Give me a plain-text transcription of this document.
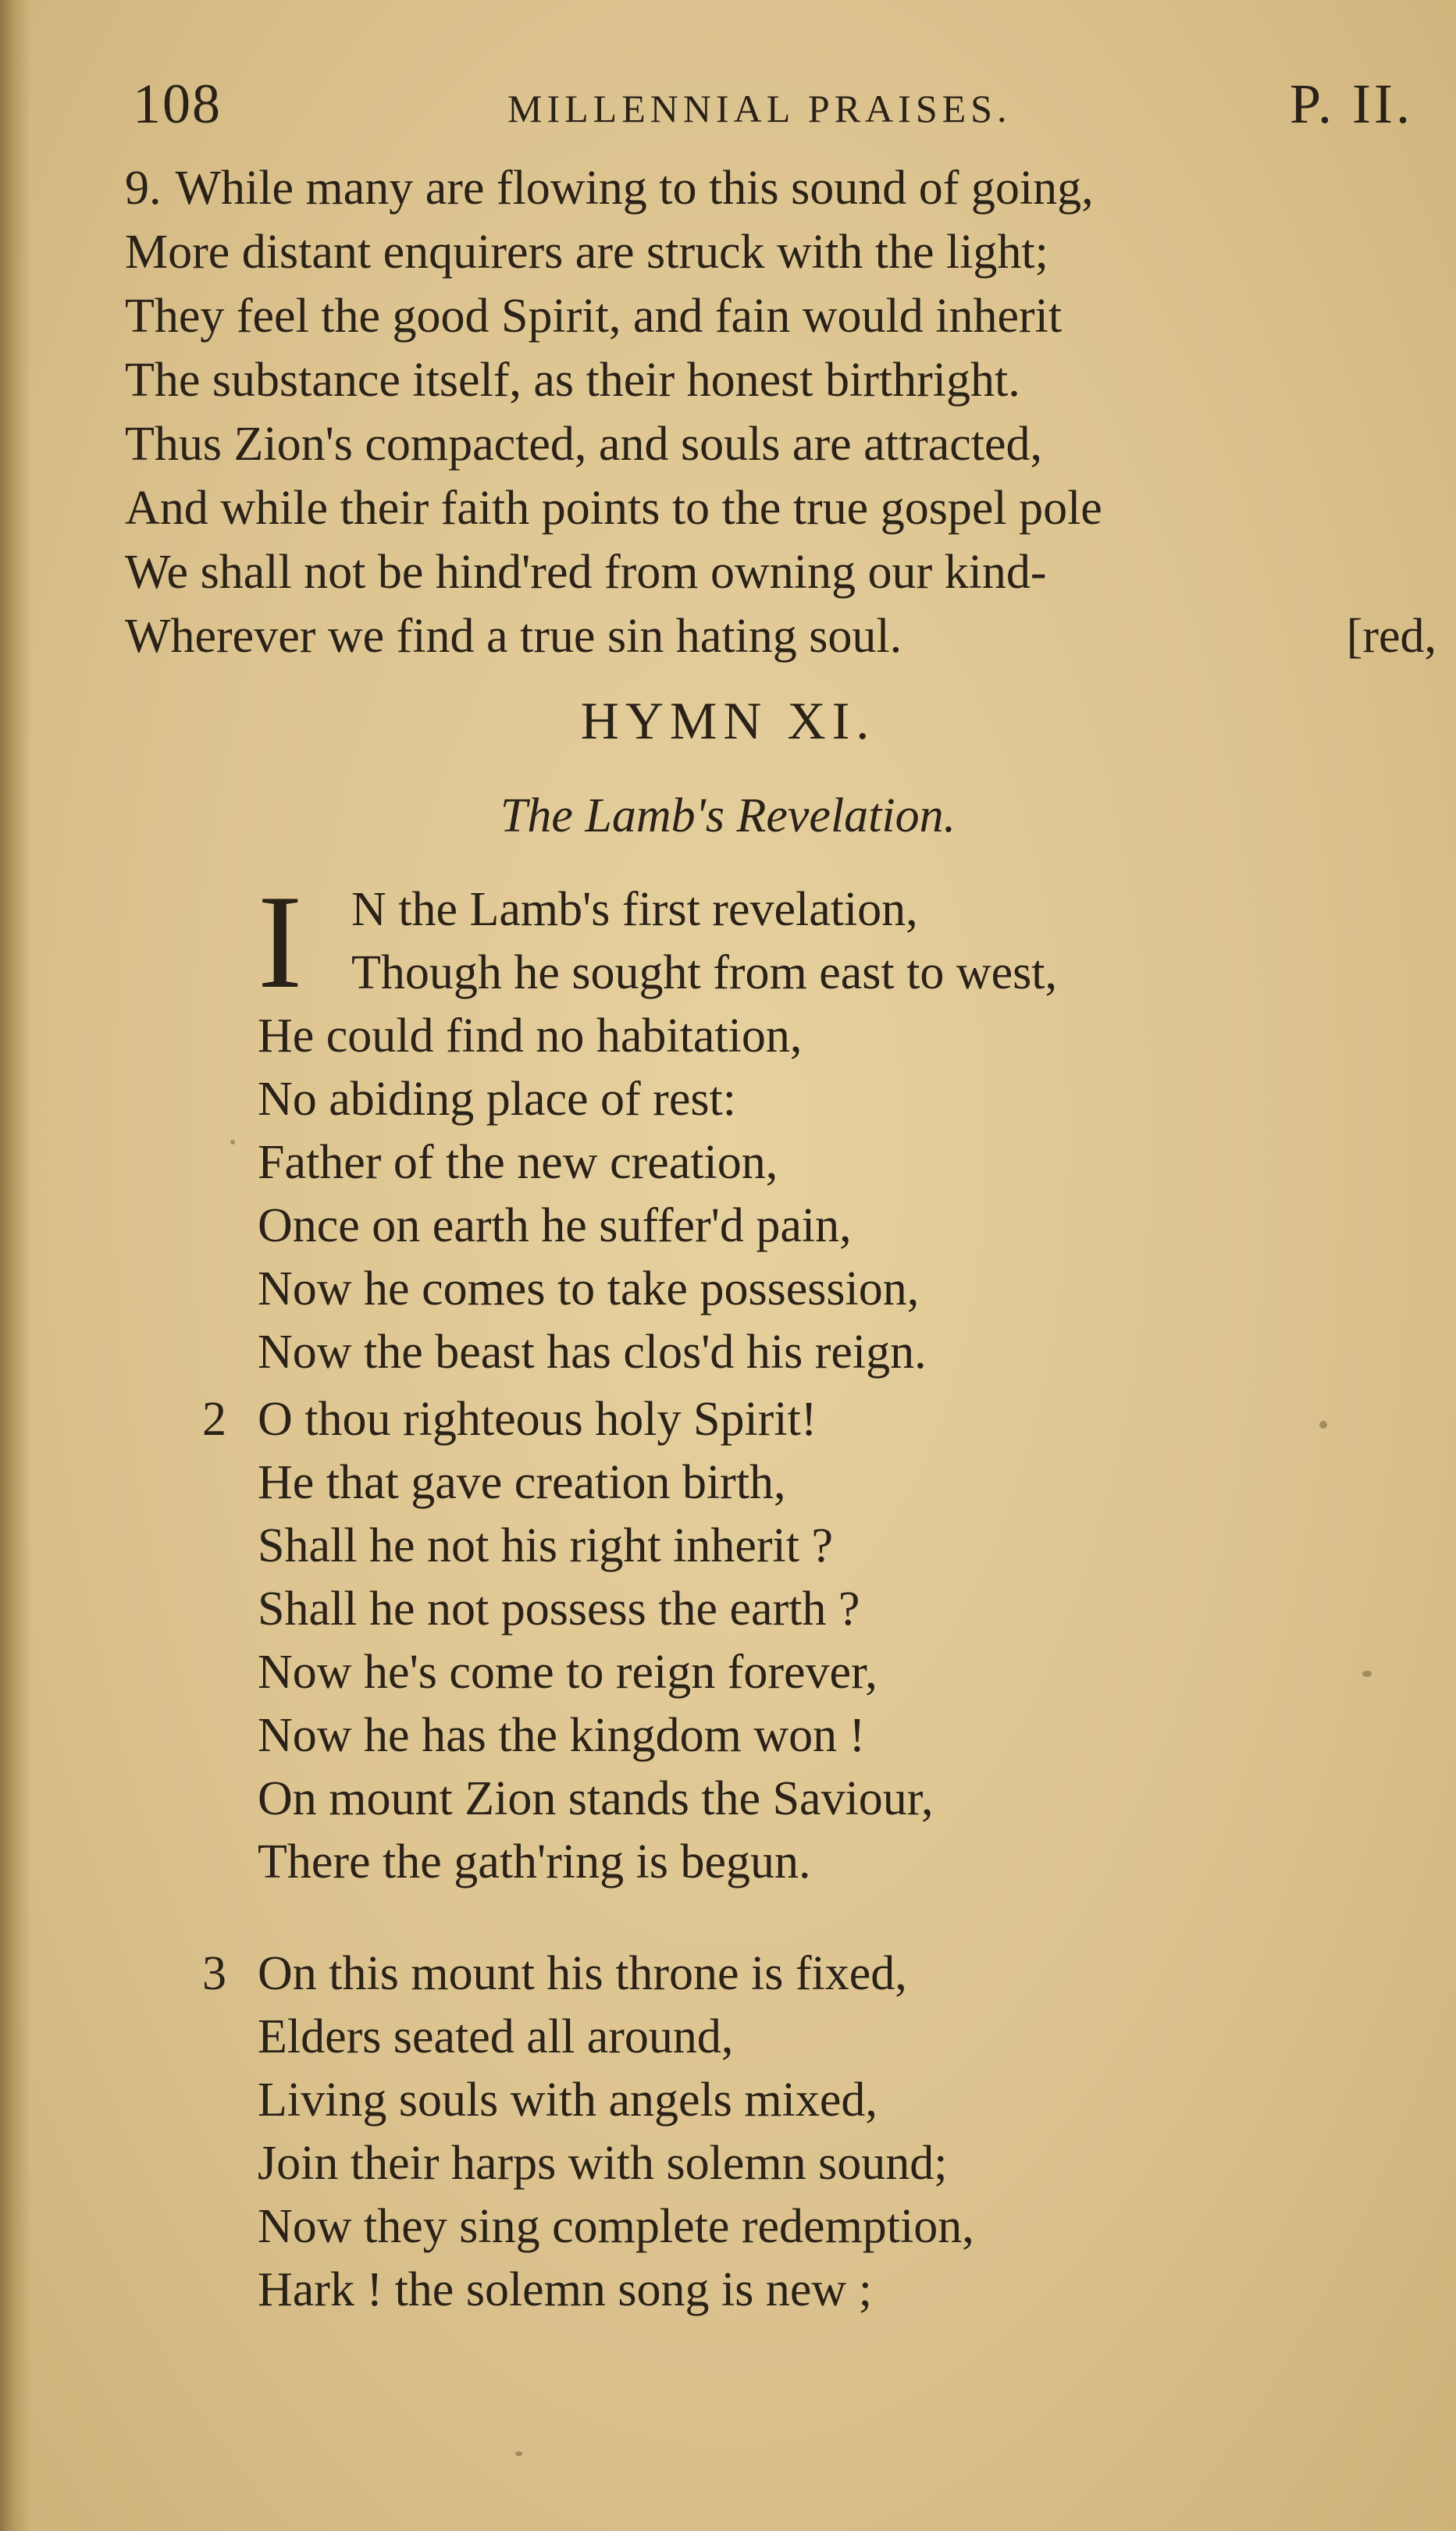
108	MILLENNIAL PRAISES.	P. II.
9. While many are flowing to this sound of going,
More distant enquirers are struck with the light;
They feel the good Spirit, and fain would inherit
The substance itself, as their honest birthright.
Thus Zion's compacted, and souls are attracted,
And while their faith points to the true gospel pole
We shall not be hind'red from owning our kind-
Wherever we find a true sin hating soul.	[red,
HYMN XI.
The Lamb's Revelation.
I	N the Lamb's first revelation,
Though he sought from east to west,
He could find no habitation,
No abiding place of rest:
Father of the new creation,
Once on earth he suffer'd pain,
Now he comes to take possession,
Now the beast has clos'd his reign.
2 O thou righteous holy Spirit!
He that gave creation birth,
Shall he not his right inherit ?
Shall he not possess the earth ?
Now he's come to reign forever,
Now he has the kingdom won !
On mount Zion stands the Saviour,
There the gath'ring is begun.
3 On this mount his throne is fixed,
Elders seated all around,
Living souls with angels mixed,
Join their harps with solemn sound;
Now they sing complete redemption,
Hark ! the solemn song is new ;
